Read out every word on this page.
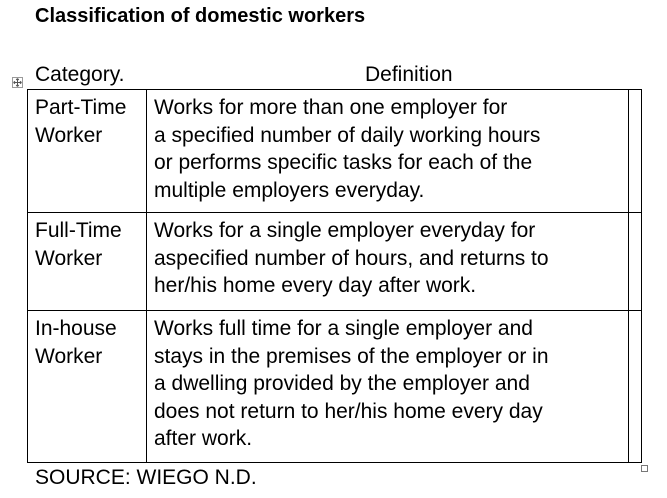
Classification of domestic workers
Category.	Definition
Part-Time
Worker	Works for more than one employer for
a specified number of daily working hours
or performs specific tasks for each of the
multiple employers everyday.	

Full-Time
Worker	Works for a single employer everyday for
aspecified number of hours, and returns to
her/his home every day after work.	

In-house
Worker	Works full time for a single employer and
stays in the premises of the employer or in
a dwelling provided by the employer and
does not return to her/his home every day
after work.	

SOURCE: WIEGO N.D.
